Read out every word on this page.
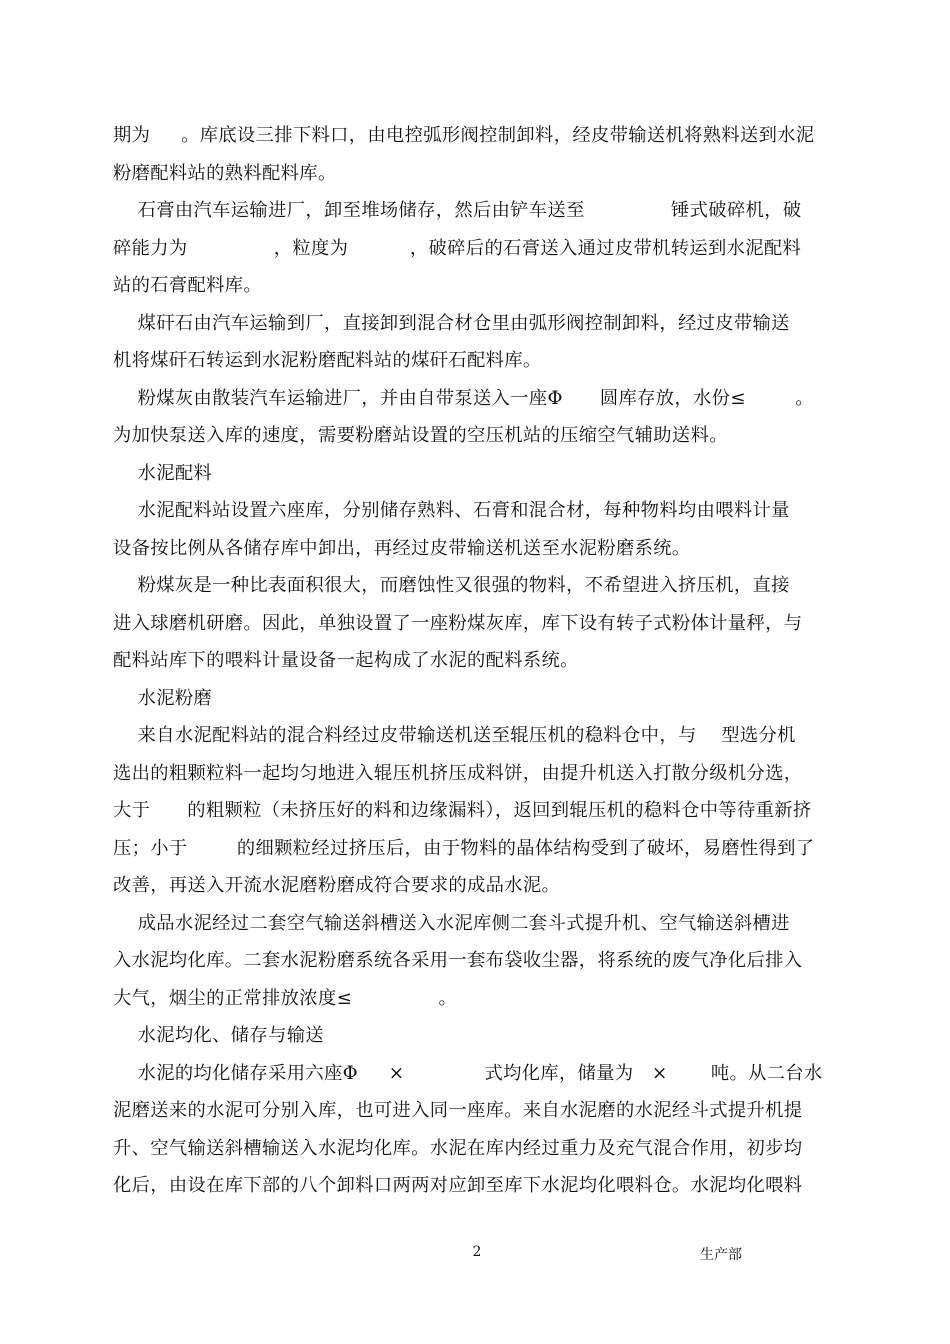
期为     。库底设三排下料口，由电控弧形阀控制卸料，经皮带输送机将熟料送到水泥
粉磨配料站的熟料配料库。
石膏由汽车运输进厂，卸至堆场储存，然后由铲车送至              锤式破碎机，破
碎能力为              ，粒度为          ，破碎后的石膏送入通过皮带机转运到水泥配料
站的石膏配料库。
煤矸石由汽车运输到厂，直接卸到混合材仓里由弧形阀控制卸料，经过皮带输送
机将煤矸石转运到水泥粉磨配料站的煤矸石配料库。
粉煤灰由散装汽车运输进厂，并由自带泵送入一座Φ      圆库存放，水份≤        。
为加快泵送入库的速度，需要粉磨站设置的空压机站的压缩空气辅助送料。
水泥配料
水泥配料站设置六座库，分别储存熟料、石膏和混合材，每种物料均由喂料计量
设备按比例从各储存库中卸出，再经过皮带输送机送至水泥粉磨系统。
粉煤灰是一种比表面积很大，而磨蚀性又很强的物料，不希望进入挤压机，直接
进入球磨机研磨。因此，单独设置了一座粉煤灰库，库下设有转子式粉体计量秤，与
配料站库下的喂料计量设备一起构成了水泥的配料系统。
水泥粉磨
来自水泥配料站的混合料经过皮带输送机送至辊压机的稳料仓中，与    型选分机
选出的粗颗粒料一起均匀地进入辊压机挤压成料饼，由提升机送入打散分级机分选，
大于      的粗颗粒（未挤压好的料和边缘漏料），返回到辊压机的稳料仓中等待重新挤
压；小于        的细颗粒经过挤压后，由于物料的晶体结构受到了破坏，易磨性得到了
改善，再送入开流水泥磨粉磨成符合要求的成品水泥。
成品水泥经过二套空气输送斜槽送入水泥库侧二套斗式提升机、空气输送斜槽进
入水泥均化库。二套水泥粉磨系统各采用一套布袋收尘器，将系统的废气净化后排入
大气，烟尘的正常排放浓度≤              。
水泥均化、储存与输送
水泥的均化储存采用六座Φ     ×             式均化库，储量为   ×       吨。从二台水
泥磨送来的水泥可分别入库，也可进入同一座库。来自水泥磨的水泥经斗式提升机提
升、空气输送斜槽输送入水泥均化库。水泥在库内经过重力及充气混合作用，初步均
化后，由设在库下部的八个卸料口两两对应卸至库下水泥均化喂料仓。水泥均化喂料
2	生产部
